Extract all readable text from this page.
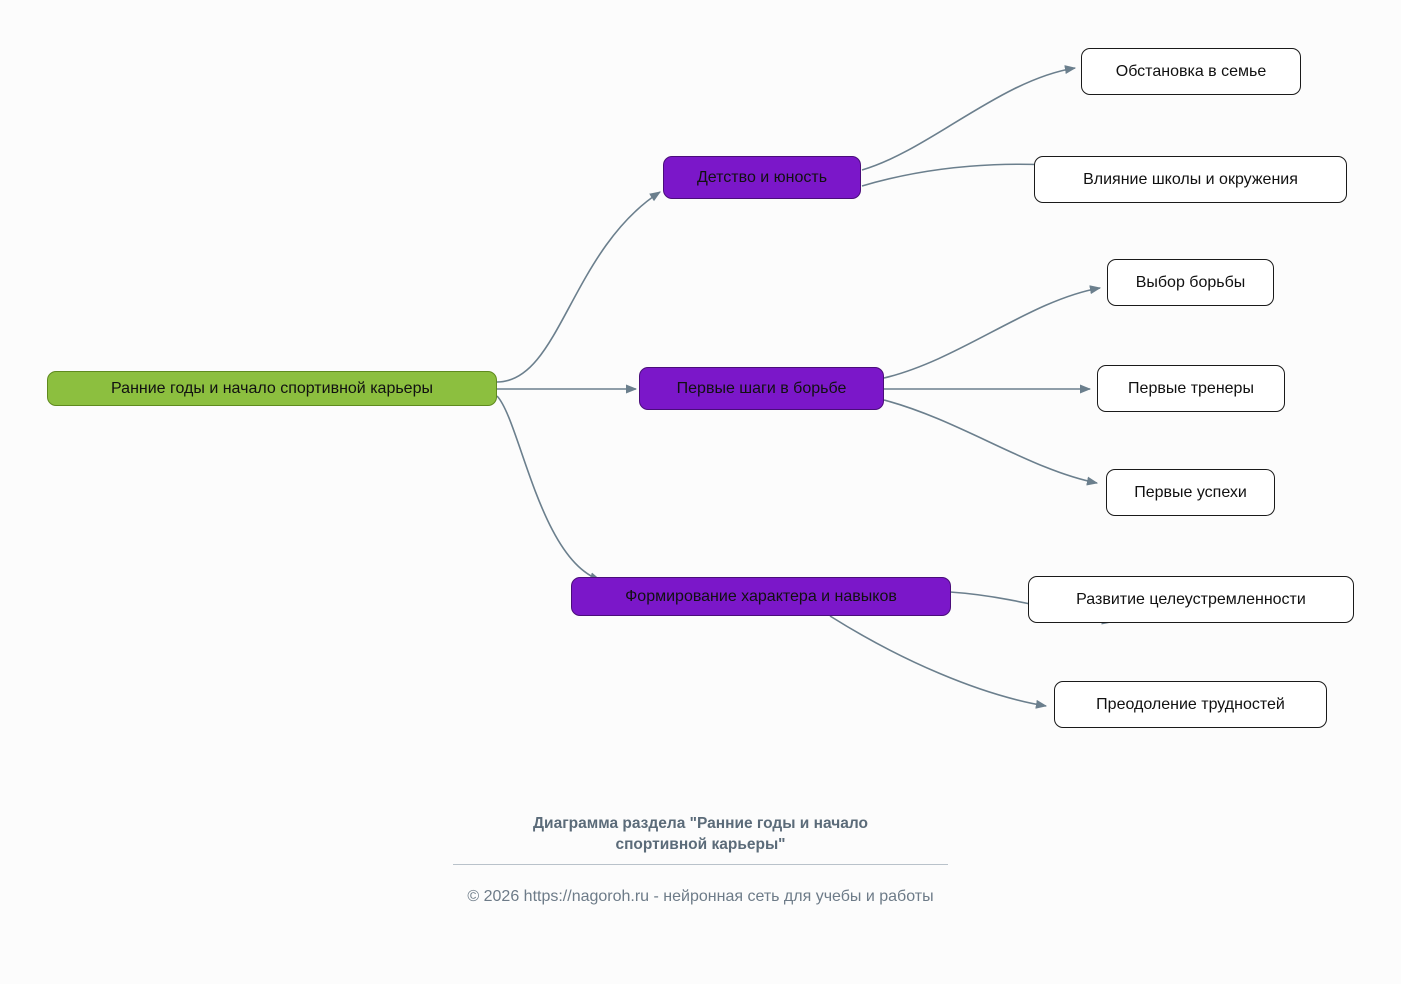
Ранние годы и начало спортивной карьеры
Детство и юность
Первые шаги в борьбе
Формирование характера и навыков
Обстановка в семье
Влияние школы и окружения
Выбор борьбы
Первые тренеры
Первые успехи
Развитие целеустремленности
Преодоление трудностей
Диаграмма раздела "Ранние годы и начало
спортивной карьеры"
© 2026 https://nagoroh.ru - нейронная сеть для учебы и работы
